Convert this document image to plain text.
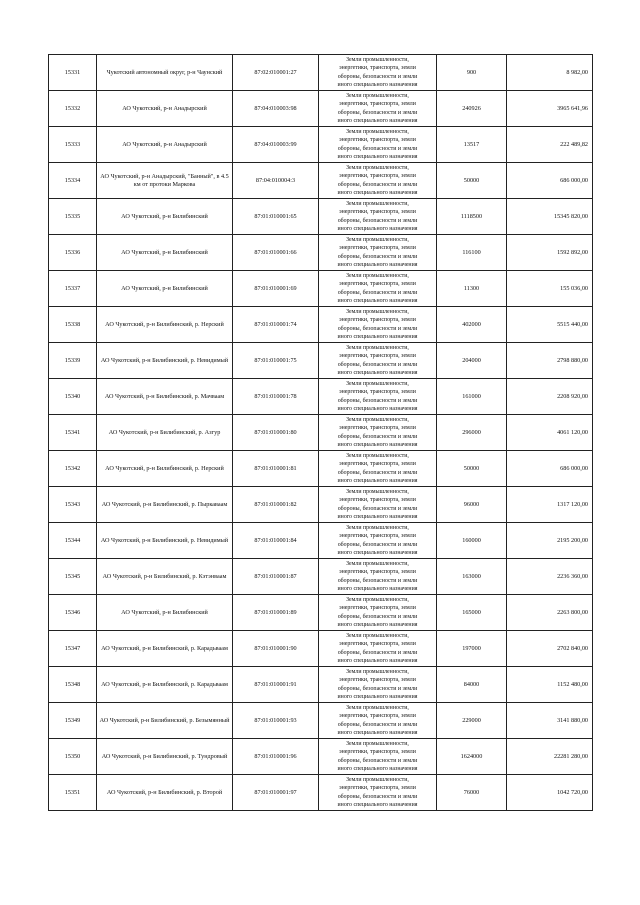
15331	Чукотский автономный округ, р-н Чаунский	87:02:010001:27	Земли промышленности,
энергетики, транспорта, земли
обороны, безопасности и земли
иного специального назначения	900	8 982,00
15332	АО Чукотский, р-н Анадырский	87:04:010003:98	Земли промышленности,
энергетики, транспорта, земли
обороны, безопасности и земли
иного специального назначения	240926	3965 641,96
15333	АО Чукотский, р-н Анадырский	87:04:010003:99	Земли промышленности,
энергетики, транспорта, земли
обороны, безопасности и земли
иного специального назначения	13517	222 489,82
15334	АО Чукотский, р-н Анадырский, "Банный", в 4.5 км от протоки Маркова	87:04:010004:3	Земли промышленности,
энергетики, транспорта, земли
обороны, безопасности и земли
иного специального назначения	50000	686 000,00
15335	АО Чукотский, р-н Билибинский	87:01:010001:65	Земли промышленности,
энергетики, транспорта, земли
обороны, безопасности и земли
иного специального назначения	1118500	15345 820,00
15336	АО Чукотский, р-н Билибинский	87:01:010001:66	Земли промышленности,
энергетики, транспорта, земли
обороны, безопасности и земли
иного специального назначения	116100	1592 892,00
15337	АО Чукотский, р-н Билибинский	87:01:010001:69	Земли промышленности,
энергетики, транспорта, земли
обороны, безопасности и земли
иного специального назначения	11300	155 036,00
15338	АО Чукотский, р-н Билибинский, р. Нерский	87:01:010001:74	Земли промышленности,
энергетики, транспорта, земли
обороны, безопасности и земли
иного специального назначения	402000	5515 440,00
15339	АО Чукотский, р-н Билибинский, р. Невидимый	87:01:010001:75	Земли промышленности,
энергетики, транспорта, земли
обороны, безопасности и земли
иного специального назначения	204000	2798 880,00
15340	АО Чукотский, р-н Билибинский, р. Мачваам	87:01:010001:78	Земли промышленности,
энергетики, транспорта, земли
обороны, безопасности и земли
иного специального назначения	161000	2208 920,00
15341	АО Чукотский, р-н Билибинский, р. Азгур	87:01:010001:80	Земли промышленности,
энергетики, транспорта, земли
обороны, безопасности и земли
иного специального назначения	296000	4061 120,00
15342	АО Чукотский, р-н Билибинский, р. Нерский	87:01:010001:81	Земли промышленности,
энергетики, транспорта, земли
обороны, безопасности и земли
иного специального назначения	50000	686 000,00
15343	АО Чукотский, р-н Билибинский, р. Пыркаваам	87:01:010001:82	Земли промышленности,
энергетики, транспорта, земли
обороны, безопасности и земли
иного специального назначения	96000	1317 120,00
15344	АО Чукотский, р-н Билибинский, р. Невидимый	87:01:010001:84	Земли промышленности,
энергетики, транспорта, земли
обороны, безопасности и земли
иного специального назначения	160000	2195 200,00
15345	АО Чукотский, р-н Билибинский, р. Кэтэнваам	87:01:010001:87	Земли промышленности,
энергетики, транспорта, земли
обороны, безопасности и земли
иного специального назначения	163000	2236 360,00
15346	АО Чукотский, р-н Билибинский	87:01:010001:89	Земли промышленности,
энергетики, транспорта, земли
обороны, безопасности и земли
иного специального назначения	165000	2263 800,00
15347	АО Чукотский, р-н Билибинский, р. Карадьваам	87:01:010001:90	Земли промышленности,
энергетики, транспорта, земли
обороны, безопасности и земли
иного специального назначения	197000	2702 840,00
15348	АО Чукотский, р-н Билибинский, р. Карадьваам	87:01:010001:91	Земли промышленности,
энергетики, транспорта, земли
обороны, безопасности и земли
иного специального назначения	84000	1152 480,00
15349	АО Чукотский, р-н Билибинский, р. Безымянный	87:01:010001:93	Земли промышленности,
энергетики, транспорта, земли
обороны, безопасности и земли
иного специального назначения	229000	3141 880,00
15350	АО Чукотский, р-н Билибинский, р. Тундровый	87:01:010001:96	Земли промышленности,
энергетики, транспорта, земли
обороны, безопасности и земли
иного специального назначения	1624000	22281 280,00
15351	АО Чукотский, р-н Билибинский, р. Второй	87:01:010001:97	Земли промышленности,
энергетики, транспорта, земли
обороны, безопасности и земли
иного специального назначения	76000	1042 720,00
